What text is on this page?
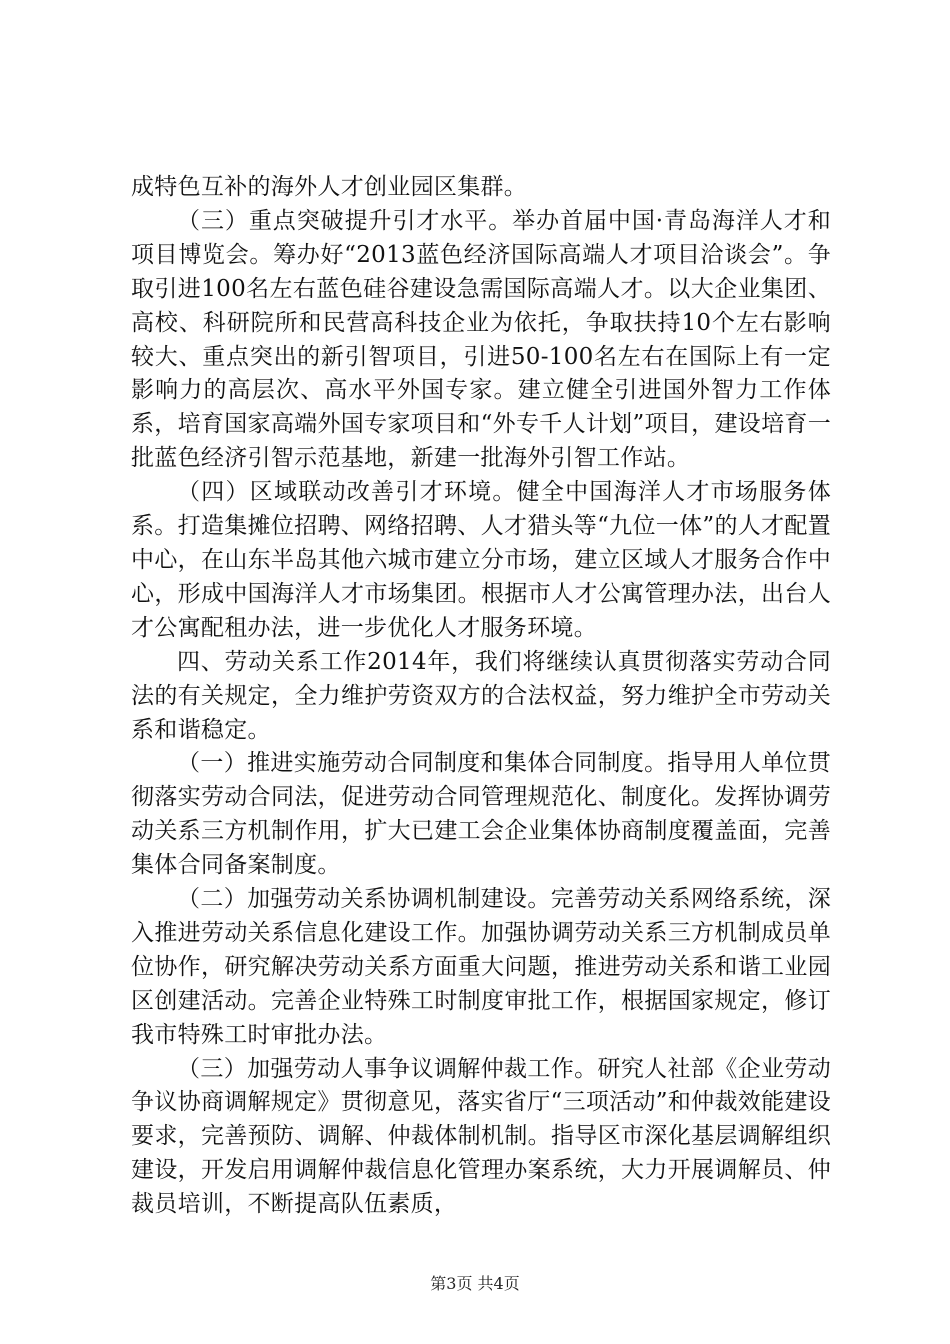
成特色互补的海外人才创业园区集群。

（三）重点突破提升引才水平。举办首届中国·青岛海洋人才和项目博览会。筹办好“2013蓝色经济国际高端人才项目洽谈会”。争取引进100名左右蓝色硅谷建设急需国际高端人才。以大企业集团、高校、科研院所和民营高科技企业为依托，争取扶持10个左右影响较大、重点突出的新引智项目，引进50-100名左右在国际上有一定影响力的高层次、高水平外国专家。建立健全引进国外智力工作体系，培育国家高端外国专家项目和“外专千人计划”项目，建设培育一批蓝色经济引智示范基地，新建一批海外引智工作站。

（四）区域联动改善引才环境。健全中国海洋人才市场服务体系。打造集摊位招聘、网络招聘、人才猎头等“九位一体”的人才配置中心，在山东半岛其他六城市建立分市场，建立区域人才服务合作中心，形成中国海洋人才市场集团。根据市人才公寓管理办法，出台人才公寓配租办法，进一步优化人才服务环境。

四、劳动关系工作2014年，我们将继续认真贯彻落实劳动合同法的有关规定，全力维护劳资双方的合法权益，努力维护全市劳动关系和谐稳定。

（一）推进实施劳动合同制度和集体合同制度。指导用人单位贯彻落实劳动合同法，促进劳动合同管理规范化、制度化。发挥协调劳动关系三方机制作用，扩大已建工会企业集体协商制度覆盖面，完善集体合同备案制度。

（二）加强劳动关系协调机制建设。完善劳动关系网络系统，深入推进劳动关系信息化建设工作。加强协调劳动关系三方机制成员单位协作，研究解决劳动关系方面重大问题，推进劳动关系和谐工业园区创建活动。完善企业特殊工时制度审批工作，根据国家规定，修订我市特殊工时审批办法。

（三）加强劳动人事争议调解仲裁工作。研究人社部《企业劳动争议协商调解规定》贯彻意见，落实省厅“三项活动”和仲裁效能建设要求，完善预防、调解、仲裁体制机制。指导区市深化基层调解组织建设，开发启用调解仲裁信息化管理办案系统，大力开展调解员、仲裁员培训，不断提高队伍素质，

第3页 共4页
